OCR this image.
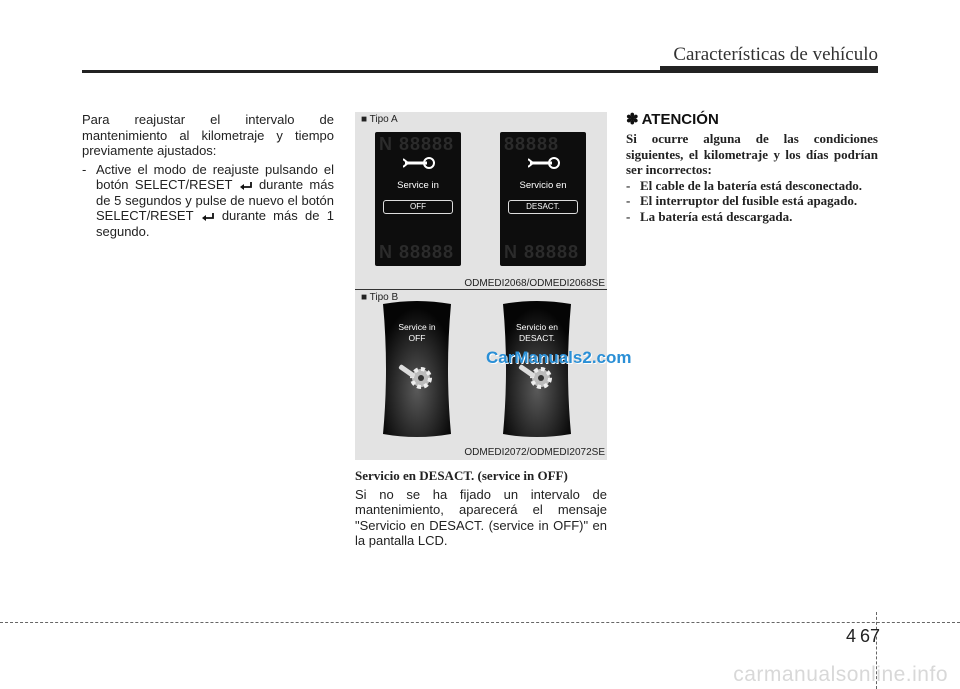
Características de vehículo

Para reajustar el intervalo de mantenimiento al kilometraje y tiempo previamente ajustados:

- Active el modo de reajuste pulsando el botón SELECT/RESET durante más de 5 segundos y pulse de nuevo el botón SELECT/RESET durante más de 1 segundo.
■ Tipo A
N 88888
Service in
OFF
N 88888
88888
Servicio en
DESACT.
N 88888
ODMEDI2068/ODMEDI2068SE
■ Tipo B
Service in
OFF
Servicio en
DESACT.
ODMEDI2072/ODMEDI2072SE
CarManuals2.com
Servicio en DESACT. (service in OFF)

Si no se ha fijado un intervalo de mantenimiento, aparecerá el mensaje "Servicio en DESACT. (service in OFF)" en la pantalla LCD.

✽ ATENCIÓN

Si ocurre alguna de las condiciones siguientes, el kilometraje y los días podrían ser incorrectos:

- El cable de la batería está desconectado.
- El interruptor del fusible está apagado.
- La batería está descargada.
4 67
carmanualsonline.info
